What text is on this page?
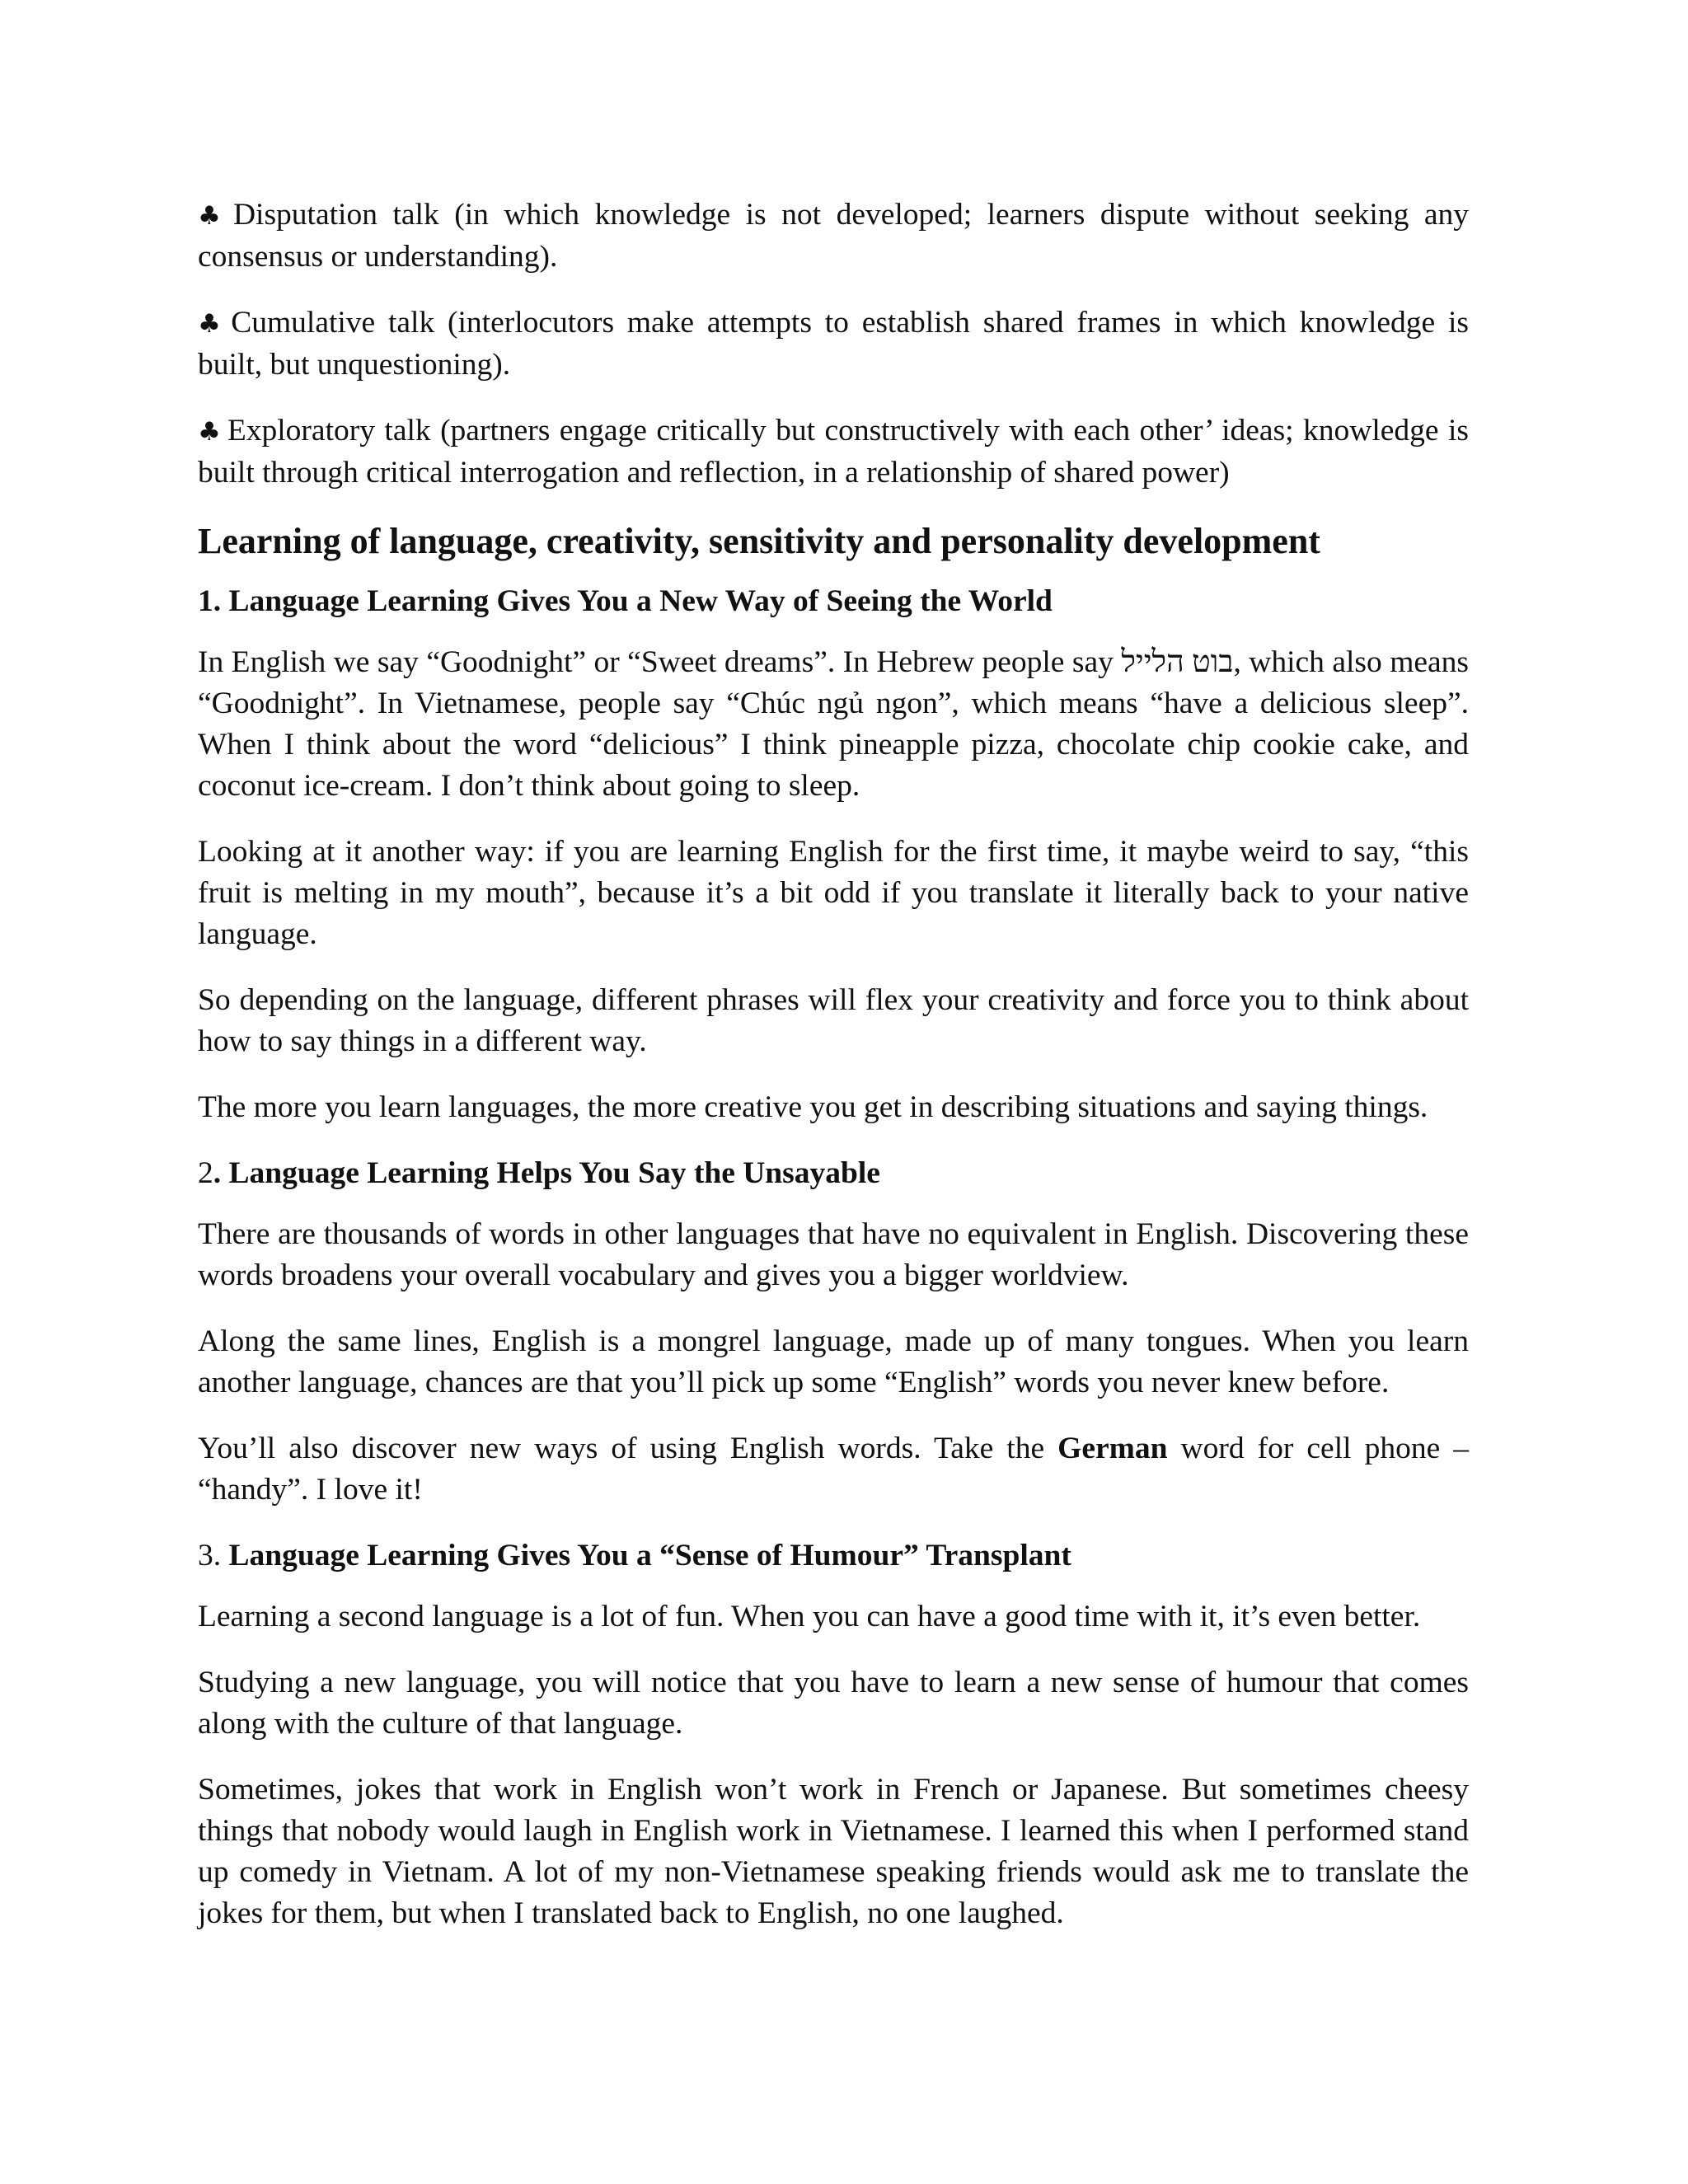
♣ Disputation talk (in which knowledge is not developed; learners dispute without seeking any consensus or understanding).

♣ Cumulative talk (interlocutors make attempts to establish shared frames in which knowledge is built, but unquestioning).

♣ Exploratory talk (partners engage critically but constructively with each other’ ideas; knowledge is built through critical interrogation and reflection, in a relationship of shared power)

Learning of language, creativity, sensitivity and personality development
1. Language Learning Gives You a New Way of Seeing the World

In English we say “Goodnight” or “Sweet dreams”. In Hebrew people say בוט הלייל, which also means “Goodnight”. In Vietnamese, people say “Chúc ngủ ngon”, which means “have a delicious sleep”. When I think about the word “delicious” I think pineapple pizza, chocolate chip cookie cake, and coconut ice-cream. I don’t think about going to sleep.

Looking at it another way: if you are learning English for the first time, it maybe weird to say, “this fruit is melting in my mouth”, because it’s a bit odd if you translate it literally back to your native language.

So depending on the language, different phrases will flex your creativity and force you to think about how to say things in a different way.

The more you learn languages, the more creative you get in describing situations and saying things.

2. Language Learning Helps You Say the Unsayable

There are thousands of words in other languages that have no equivalent in English. Discovering these words broadens your overall vocabulary and gives you a bigger worldview.

Along the same lines, English is a mongrel language, made up of many tongues. When you learn another language, chances are that you’ll pick up some “English” words you never knew before.

You’ll also discover new ways of using English words. Take the German word for cell phone – “handy”. I love it!

3. Language Learning Gives You a “Sense of Humour” Transplant

Learning a second language is a lot of fun. When you can have a good time with it, it’s even better.

Studying a new language, you will notice that you have to learn a new sense of humour that comes along with the culture of that language.

Sometimes, jokes that work in English won’t work in French or Japanese. But sometimes cheesy things that nobody would laugh in English work in Vietnamese. I learned this when I performed stand up comedy in Vietnam. A lot of my non-Vietnamese speaking friends would ask me to translate the jokes for them, but when I translated back to English, no one laughed.
